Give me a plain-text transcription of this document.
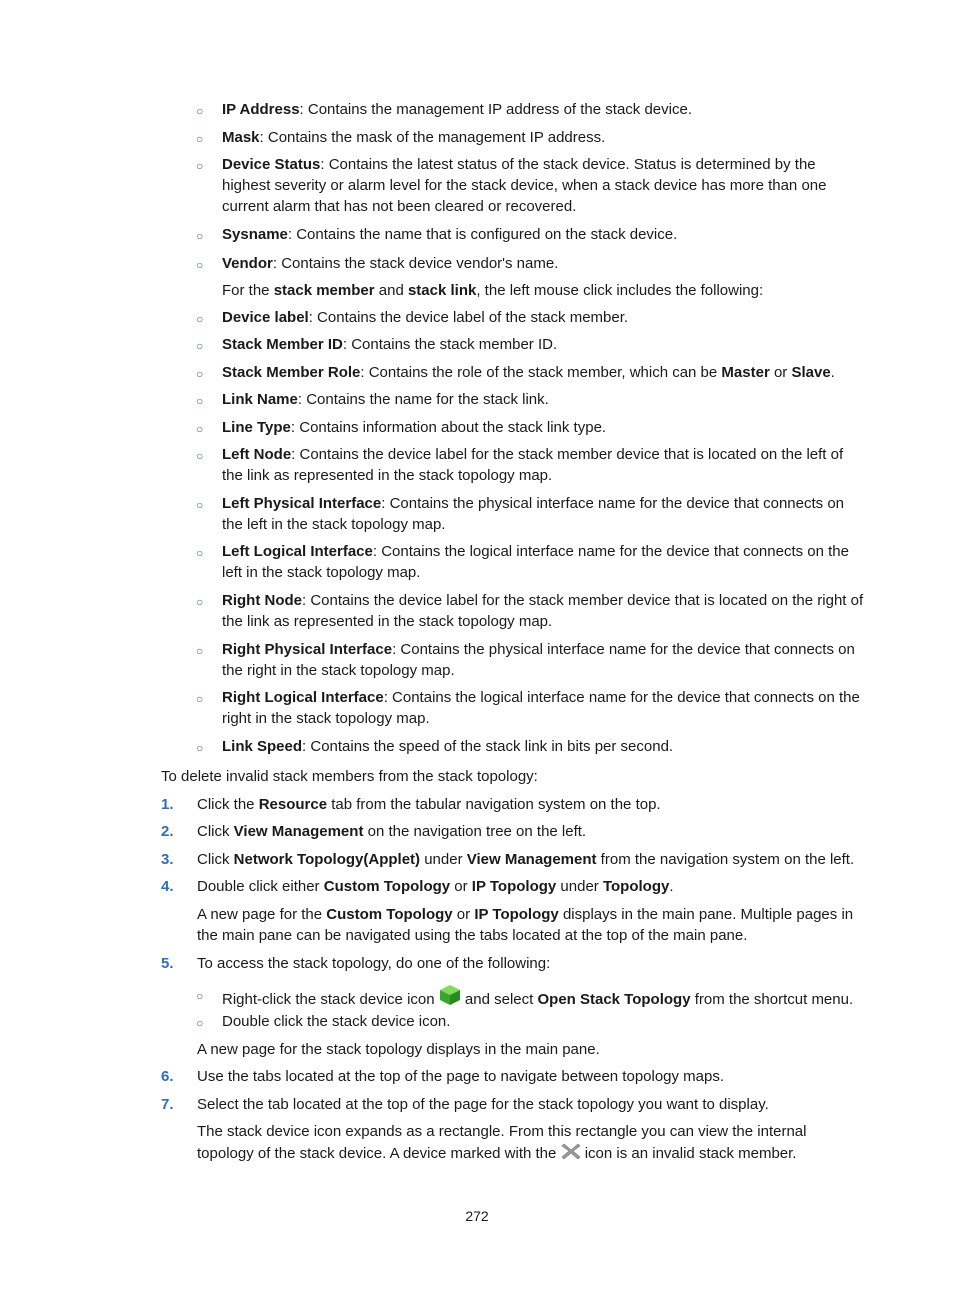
○ IP Address: Contains the management IP address of the stack device.
○ Mask: Contains the mask of the management IP address.
○ Device Status: Contains the latest status of the stack device. Status is determined by the highest severity or alarm level for the stack device, when a stack device has more than one current alarm that has not been cleared or recovered.
○ Sysname: Contains the name that is configured on the stack device.
○ Vendor: Contains the stack device vendor's name.
For the stack member and stack link, the left mouse click includes the following:
○ Device label: Contains the device label of the stack member.
○ Stack Member ID: Contains the stack member ID.
○ Stack Member Role: Contains the role of the stack member, which can be Master or Slave.
○ Link Name: Contains the name for the stack link.
○ Line Type: Contains information about the stack link type.
○ Left Node: Contains the device label for the stack member device that is located on the left of the link as represented in the stack topology map.
○ Left Physical Interface: Contains the physical interface name for the device that connects on the left in the stack topology map.
○ Left Logical Interface: Contains the logical interface name for the device that connects on the left in the stack topology map.
○ Right Node: Contains the device label for the stack member device that is located on the right of the link as represented in the stack topology map.
○ Right Physical Interface: Contains the physical interface name for the device that connects on the right in the stack topology map.
○ Right Logical Interface: Contains the logical interface name for the device that connects on the right in the stack topology map.
○ Link Speed: Contains the speed of the stack link in bits per second.
To delete invalid stack members from the stack topology:
1. Click the Resource tab from the tabular navigation system on the top.
2. Click View Management on the navigation tree on the left.
3. Click Network Topology(Applet) under View Management from the navigation system on the left.
4. Double click either Custom Topology or IP Topology under Topology.
A new page for the Custom Topology or IP Topology displays in the main pane. Multiple pages in the main pane can be navigated using the tabs located at the top of the main pane.
5. To access the stack topology, do one of the following:
○ Right-click the stack device icon  and select Open Stack Topology from the shortcut menu.
○ Double click the stack device icon.
A new page for the stack topology displays in the main pane.
6. Use the tabs located at the top of the page to navigate between topology maps.
7. Select the tab located at the top of the page for the stack topology you want to display.
The stack device icon expands as a rectangle. From this rectangle you can view the internal topology of the stack device. A device marked with the  icon is an invalid stack member.
272
